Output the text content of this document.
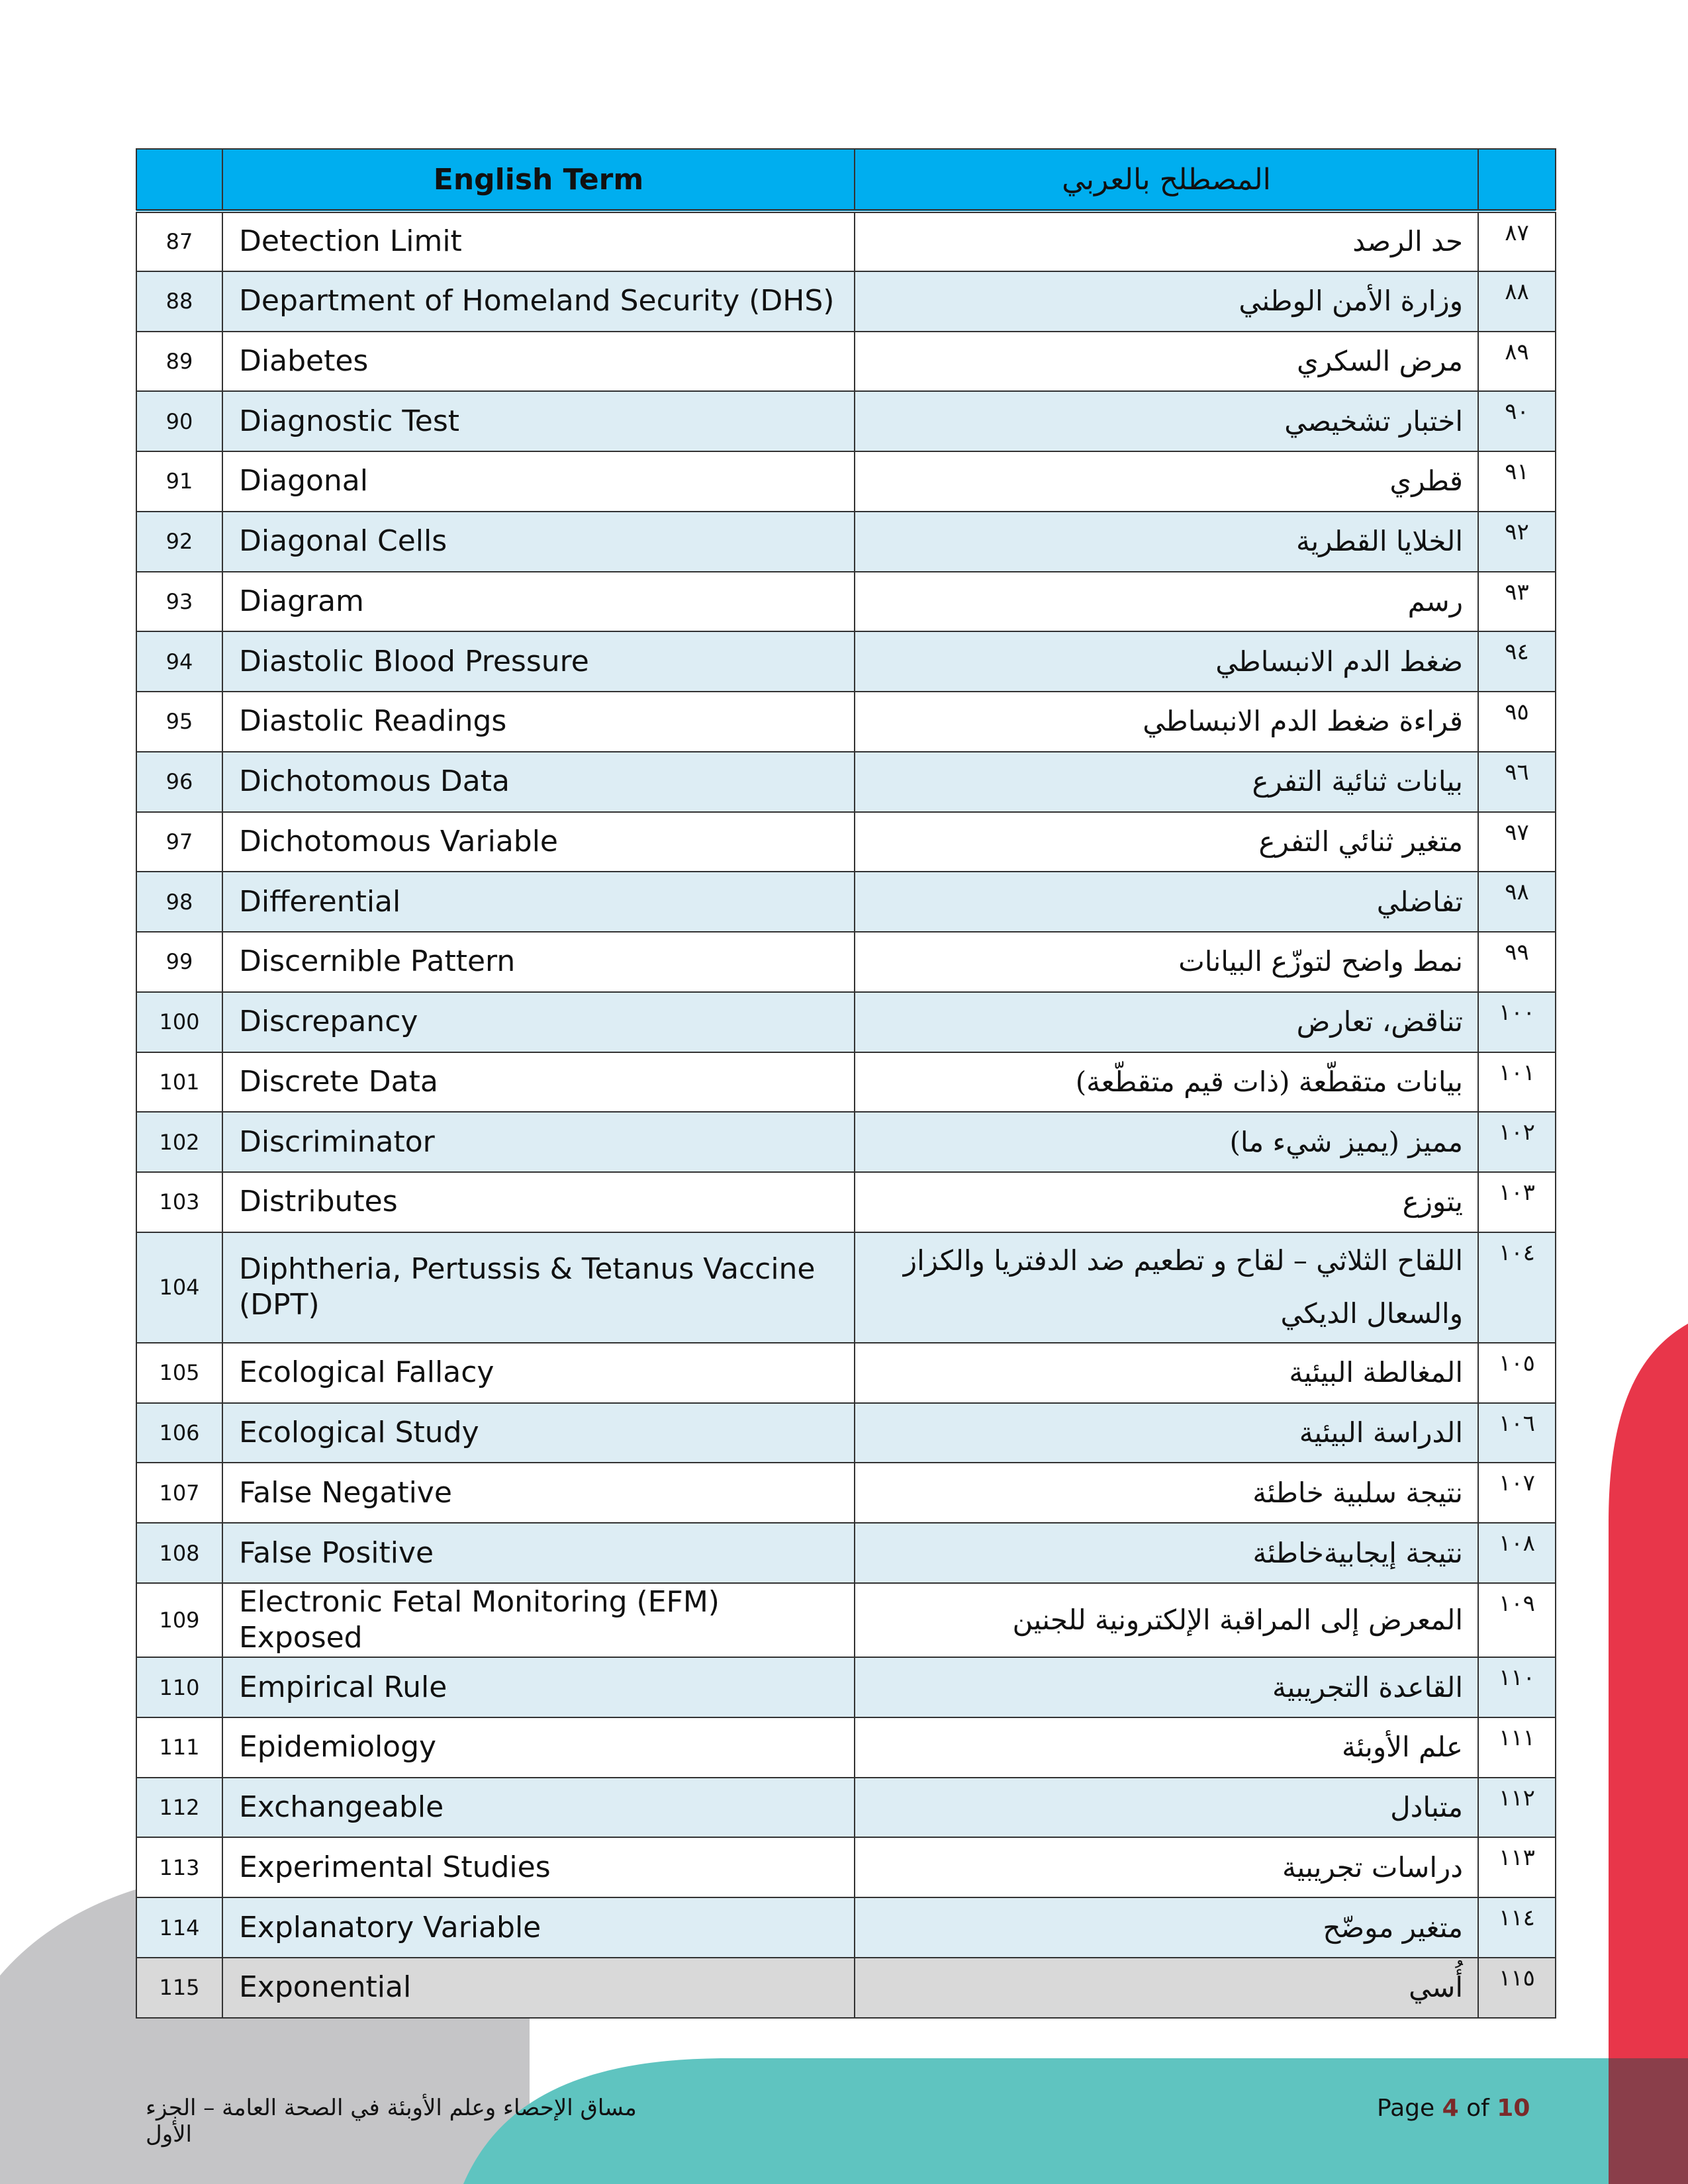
	English Term	المصطلح بالعربي	
87	Detection Limit	حد الرصد	٨٧
88	Department of Homeland Security (DHS)	وزارة الأمن الوطني	٨٨
89	Diabetes	مرض السكري	٨٩
90	Diagnostic Test	اختبار تشخيصي	٩٠
91	Diagonal	قطري	٩١
92	Diagonal Cells	الخلايا القطرية	٩٢
93	Diagram	رسم	٩٣
94	Diastolic Blood Pressure	ضغط الدم الانبساطي	٩٤
95	Diastolic Readings	قراءة ضغط الدم الانبساطي	٩٥
96	Dichotomous Data	بيانات ثنائية التفرع	٩٦
97	Dichotomous Variable	متغير ثنائي التفرع	٩٧
98	Differential	تفاضلي	٩٨
99	Discernible Pattern	نمط واضح لتوزّع البيانات	٩٩
100	Discrepancy	تناقض، تعارض	١٠٠
101	Discrete Data	بيانات متقطّعة (ذات قيم متقطّعة)	١٠١
102	Discriminator	مميز (يميز شيء ما)	١٠٢
103	Distributes	يتوزع	١٠٣
104	Diphtheria, Pertussis & Tetanus Vaccine (DPT)	اللقاح الثلاثي – لقاح و تطعيم ضد الدفتريا والكزاز والسعال الديكي	١٠٤
105	Ecological Fallacy	المغالطة البيئية	١٠٥
106	Ecological Study	الدراسة البيئية	١٠٦
107	False Negative	نتيجة سلبية خاطئة	١٠٧
108	False Positive	نتيجة إيجابيةخاطئة	١٠٨
109	Electronic Fetal Monitoring (EFM) Exposed	المعرض إلى المراقبة الإلكترونية للجنين	١٠٩
110	Empirical Rule	القاعدة التجريبية	١١٠
111	Epidemiology	علم الأوبئة	١١١
112	Exchangeable	متبادل	١١٢
113	Experimental Studies	دراسات تجريبية	١١٣
114	Explanatory Variable	متغير موضّح	١١٤
115	Exponential	أُسي	١١٥
مساق الإحصاء وعلم الأوبئة في الصحة العامة – الجزء الأول
Page 4 of 10
